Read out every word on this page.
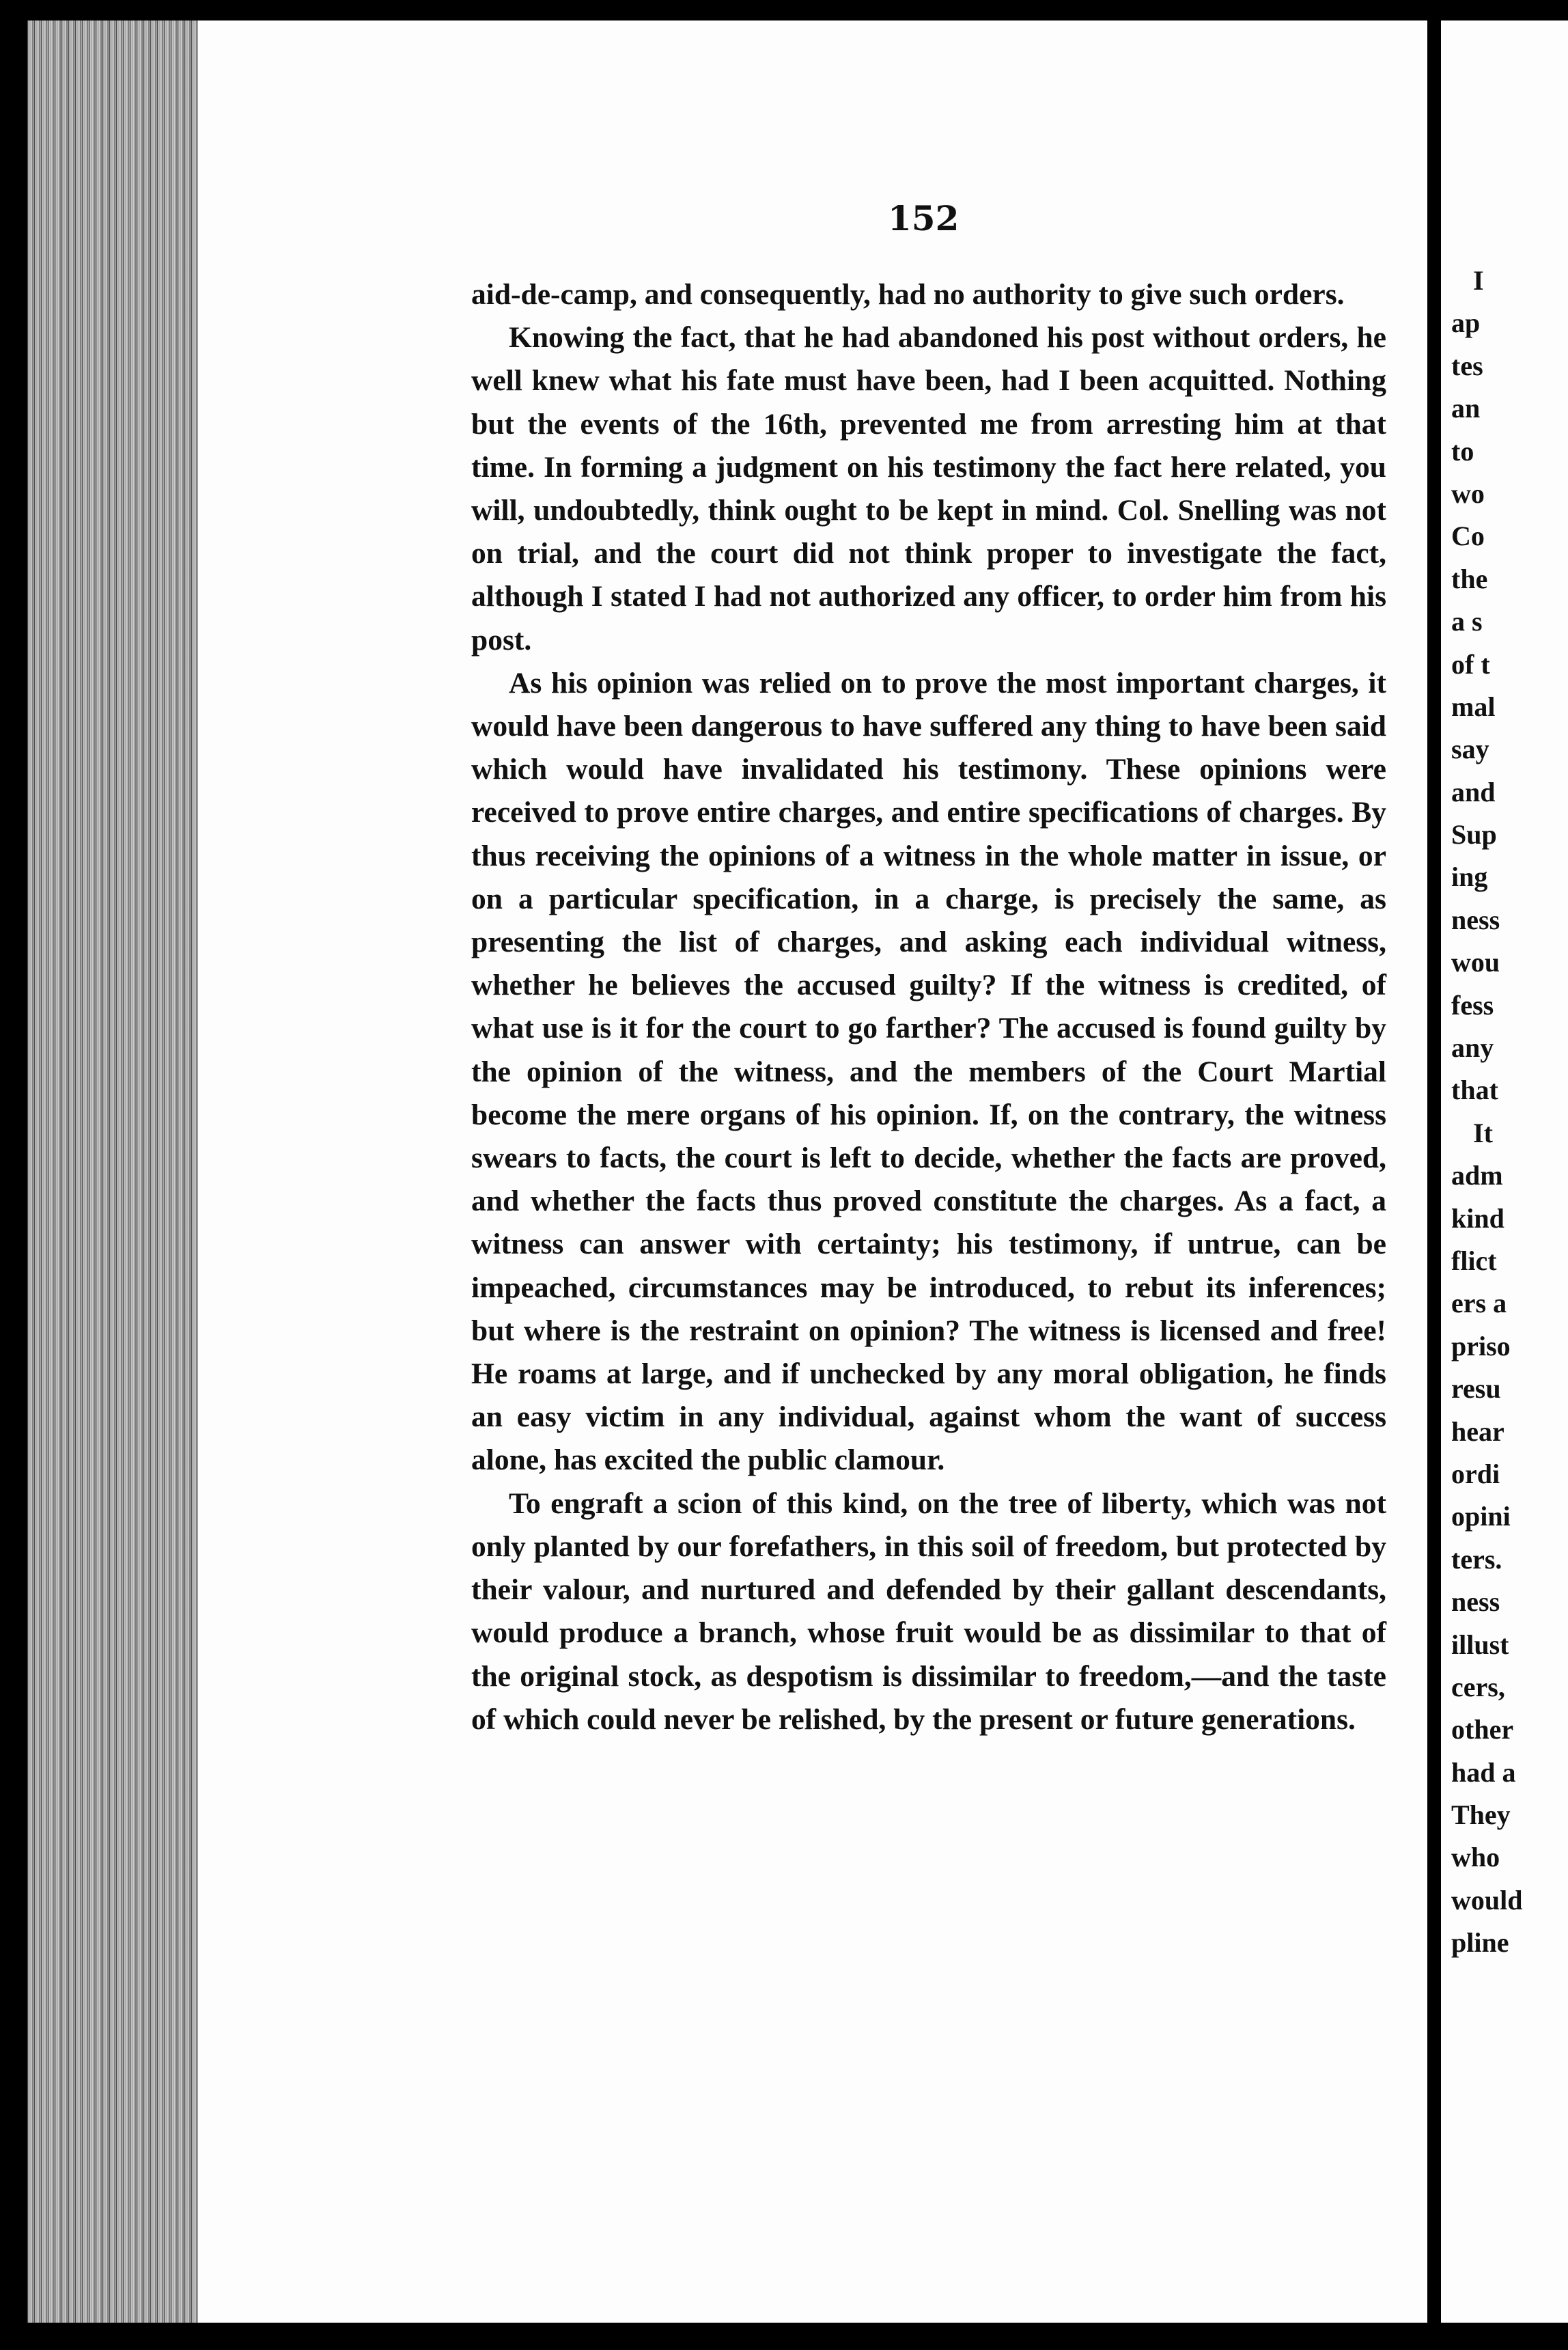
152

aid-de-camp, and consequently, had no authority to give such orders.

Knowing the fact, that he had abandoned his post without orders, he well knew what his fate must have been, had I been acquitted. Nothing but the events of the 16th, prevented me from arresting him at that time. In forming a judgment on his testimony the fact here related, you will, undoubtedly, think ought to be kept in mind. Col. Snelling was not on trial, and the court did not think proper to investigate the fact, although I stated I had not authorized any officer, to order him from his post.

As his opinion was relied on to prove the most important charges, it would have been dangerous to have suffered any thing to have been said which would have invalidated his testimony. These opinions were received to prove entire charges, and entire specifications of charges. By thus receiving the opinions of a witness in the whole matter in issue, or on a particular specification, in a charge, is precisely the same, as presenting the list of charges, and asking each individual witness, whether he believes the accused guilty? If the witness is credited, of what use is it for the court to go farther? The accused is found guilty by the opinion of the witness, and the members of the Court Martial become the mere organs of his opinion. If, on the contrary, the witness swears to facts, the court is left to decide, whether the facts are proved, and whether the facts thus proved constitute the charges. As a fact, a witness can answer with certainty; his testimony, if untrue, can be impeached, circumstances may be introduced, to rebut its inferences; but where is the restraint on opinion? The witness is licensed and free! He roams at large, and if unchecked by any moral obligation, he finds an easy victim in any individual, against whom the want of success alone, has excited the public clamour.

To engraft a scion of this kind, on the tree of liberty, which was not only planted by our forefathers, in this soil of freedom, but protected by their valour, and nurtured and defended by their gallant descendants, would produce a branch, whose fruit would be as dissimilar to that of the original stock, as despotism is dissimilar to freedom,—and the taste of which could never be relished, by the present or future generations.

I
ap
tes
an
to
wo
Co
the
a s
of t
mal
say
and
Sup
ing
ness
wou
fess
any
that
It
adm
kind
flict
ers a
priso
resu
hear
ordi
opini
ters.
ness
illust
cers,
other
had a
They
who
would
pline
